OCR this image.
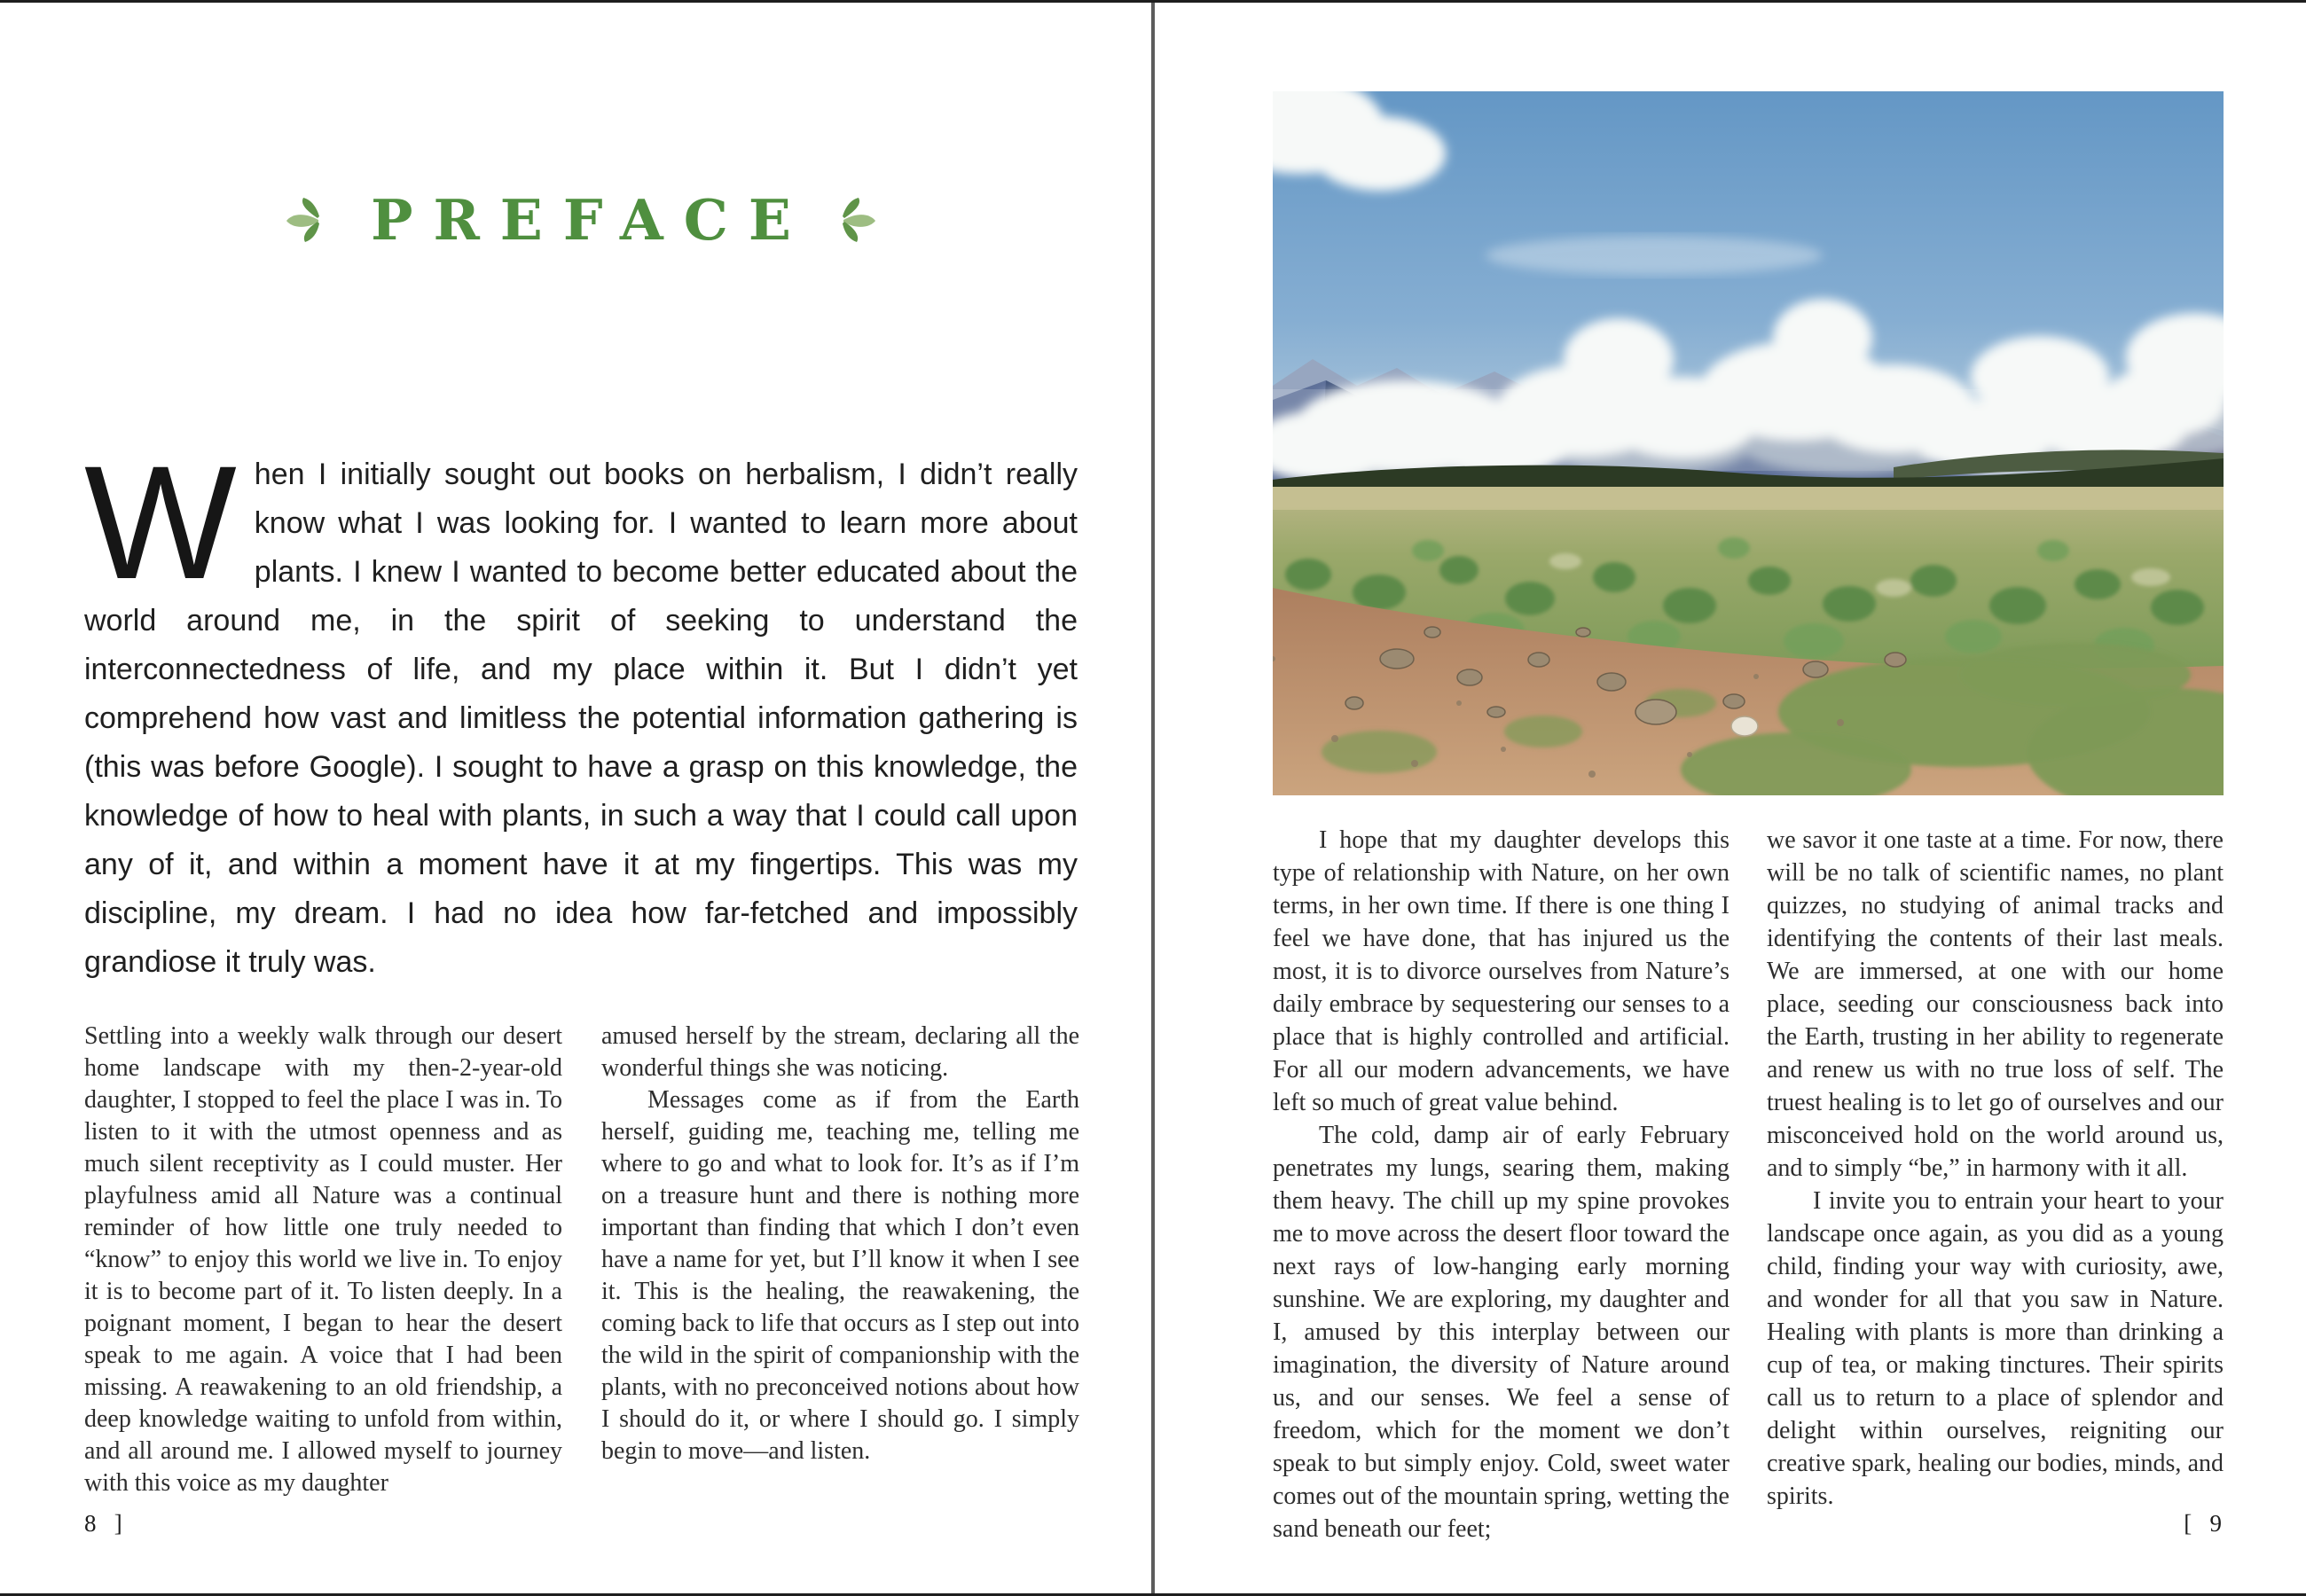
PREFACE
When I initially sought out books on herbalism, I didn’t really know what I was looking for. I wanted to learn more about plants. I knew I wanted to become better educated about the world around me, in the spirit of seeking to understand the interconnectedness of life, and my place within it. But I didn’t yet comprehend how vast and limitless the potential information gathering is (this was before Google). I sought to have a grasp on this knowledge, the knowledge of how to heal with plants, in such a way that I could call upon any of it, and within a moment have it at my fingertips. This was my discipline, my dream. I had no idea how far-fetched and impossibly grandiose it truly was.

Settling into a weekly walk through our desert home landscape with my then-2-year-old daughter, I stopped to feel the place I was in. To listen to it with the utmost openness and as much silent receptivity as I could muster. Her playfulness amid all Nature was a continual reminder of how little one truly needed to “know” to enjoy this world we live in. To enjoy it is to become part of it. To listen deeply. In a poignant moment, I began to hear the desert speak to me again. A voice that I had been missing. A reawakening to an old friendship, a deep knowledge waiting to unfold from within, and all around me. I allowed myself to journey with this voice as my daughter

amused herself by the stream, declaring all the wonderful things she was noticing.

Messages come as if from the Earth herself, guiding me, teaching me, telling me where to go and what to look for. It’s as if I’m on a treasure hunt and there is nothing more important than finding that which I don’t even have a name for yet, but I’ll know it when I see it. This is the healing, the reawakening, the coming back to life that occurs as I step out into the wild in the spirit of companionship with the plants, with no preconceived notions about how I should do it, or where I should go. I simply begin to move—and listen.

8   ]

I hope that my daughter develops this type of relationship with Nature, on her own terms, in her own time. If there is one thing I feel we have done, that has injured us the most, it is to divorce ourselves from Nature’s daily embrace by sequestering our senses to a place that is highly controlled and artificial. For all our modern advancements, we have left so much of great value behind.

The cold, damp air of early February penetrates my lungs, searing them, making them heavy. The chill up my spine provokes me to move across the desert floor toward the next rays of low-hanging early morning sunshine. We are exploring, my daughter and I, amused by this interplay between our imagination, the diversity of Nature around us, and our senses. We feel a sense of freedom, which for the moment we don’t speak to but simply enjoy. Cold, sweet water comes out of the mountain spring, wetting the sand beneath our feet;

we savor it one taste at a time. For now, there will be no talk of scientific names, no plant quizzes, no studying of animal tracks and identifying the contents of their last meals. We are immersed, at one with our home place, seeding our consciousness back into the Earth, trusting in her ability to regenerate and renew us with no true loss of self. The truest healing is to let go of ourselves and our misconceived hold on the world around us, and to simply “be,” in harmony with it all.

I invite you to entrain your heart to your landscape once again, as you did as a young child, finding your way with curiosity, awe, and wonder for all that you saw in Nature. Healing with plants is more than drinking a cup of tea, or making tinctures. Their spirits call us to return to a place of splendor and delight within ourselves, reigniting our creative spark, healing our bodies, minds, and spirits.

[   9
